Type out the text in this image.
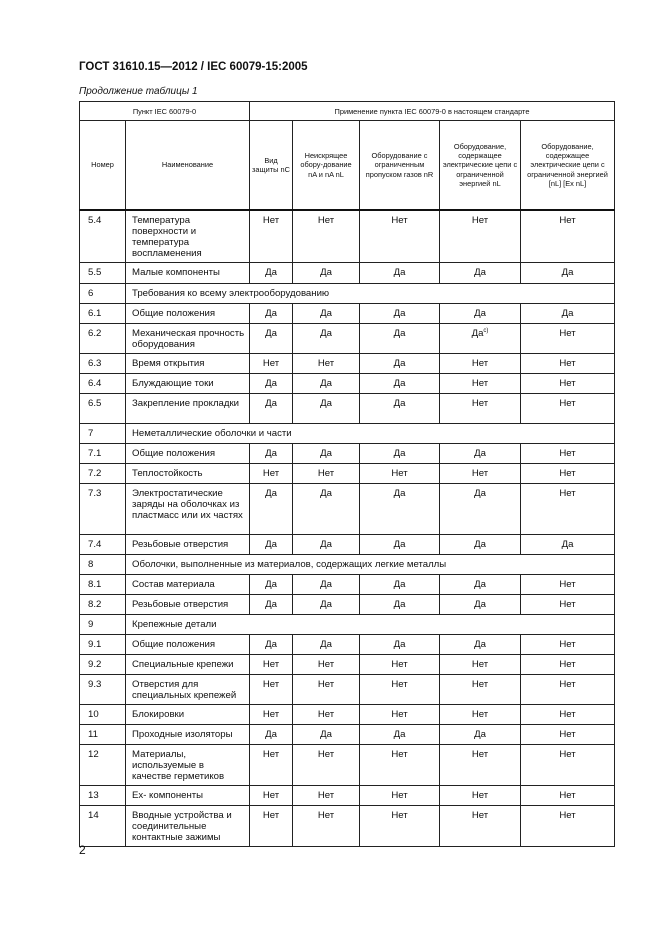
ГОСТ 31610.15—2012 / IEC 60079-15:2005
Продолжение таблицы 1
Пункт IEC 60079-0		Применение пункта IEC 60079-0 в настоящем стандарте				
Номер	Наименование	Вид защиты nC	Неискрящее обору-дование nA и nA nL	Оборудование с ограниченным пропуском газов nR	Оборудование, содержащее электрические цепи с ограниченной энергией nL	Оборудование, содержащее электрические цепи с ограниченной энергией [nL] [Ex nL]
5.4	Температура поверхности и температура воспламенения	Нет	Нет	Нет	Нет	Нет
5.5	Малые компоненты	Да	Да	Да	Да	Да
6	Требования ко всему электрооборудованию					
6.1	Общие положения	Да	Да	Да	Да	Да
6.2	Механическая прочность оборудования	Да	Да	Да	$Да^{c)}$	Нет
6.3	Время открытия	Нет	Нет	Да	Нет	Нет
6.4	Блуждающие токи	Да	Да	Да	Нет	Нет
6.5	Закрепление прокладки	Да	Да	Да	Нет	Нет
7	Неметаллические оболочки и части					
7.1	Общие положения	Да	Да	Да	Да	Нет
7.2	Теплостойкость	Нет	Нет	Нет	Нет	Нет
7.3	Электростатические заряды на оболочках из пластмасс или их частях	Да	Да	Да	Да	Нет
7.4	Резьбовые отверстия	Да	Да	Да	Да	Да
8	Оболочки, выполненные из материалов, содержащих легкие металлы					
8.1	Состав материала	Да	Да	Да	Да	Нет
8.2	Резьбовые отверстия	Да	Да	Да	Да	Нет
9	Крепежные детали					
9.1	Общие положения	Да	Да	Да	Да	Нет
9.2	Специальные крепежи	Нет	Нет	Нет	Нет	Нет
9.3	Отверстия для специальных крепежей	Нет	Нет	Нет	Нет	Нет
10	Блокировки	Нет	Нет	Нет	Нет	Нет
11	Проходные изоляторы	Да	Да	Да	Да	Нет
12	Материалы, используемые в качестве герметиков	Нет	Нет	Нет	Нет	Нет
13	Ex- компоненты	Нет	Нет	Нет	Нет	Нет
14	Вводные устройства и соединительные контактные зажимы	Нет	Нет	Нет	Нет	Нет
2
